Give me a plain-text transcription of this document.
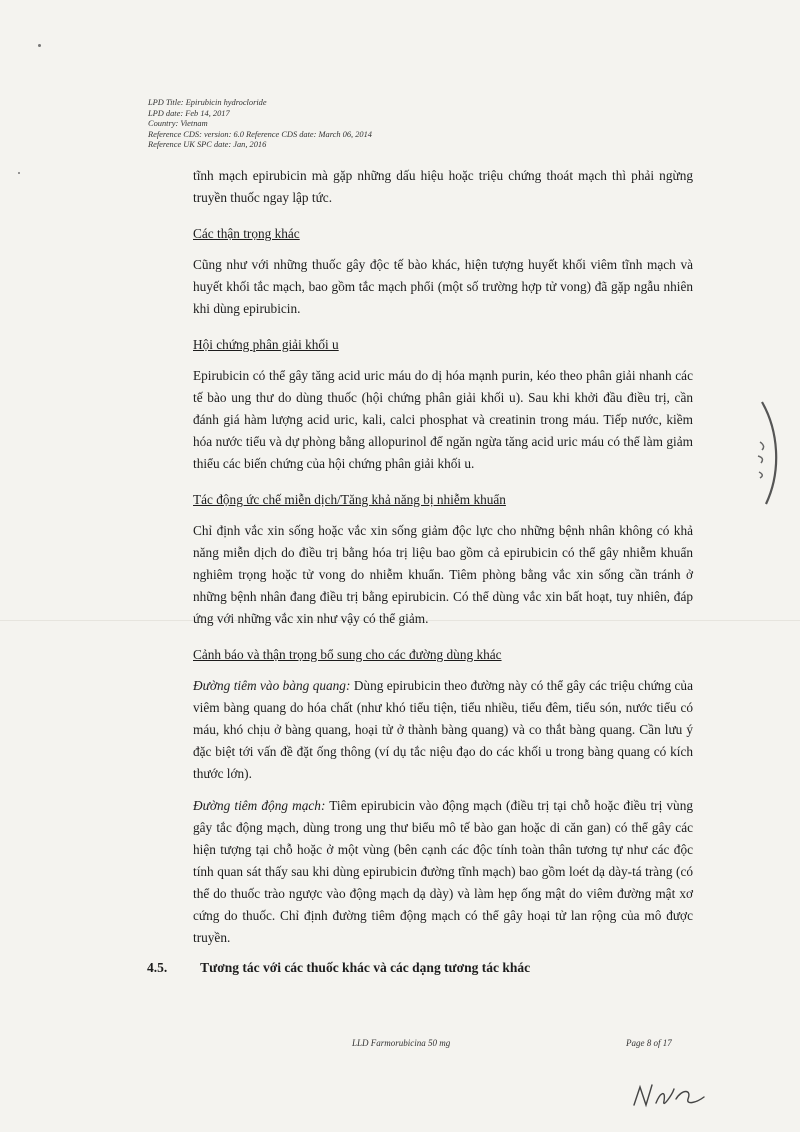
LPD Title: Epirubicin hydrocloride
LPD date: Feb 14, 2017
Country: Vietnam
Reference CDS: version: 6.0 Reference CDS date: March 06, 2014
Reference UK SPC date: Jan, 2016

tĩnh mạch epirubicin mà gặp những dấu hiệu hoặc triệu chứng thoát mạch thì phải ngừng truyền thuốc ngay lập tức.

Các thận trọng khác

Cũng như với những thuốc gây độc tế bào khác, hiện tượng huyết khối viêm tĩnh mạch và huyết khối tắc mạch, bao gồm tắc mạch phổi (một số trường hợp tử vong) đã gặp ngẫu nhiên khi dùng epirubicin.

Hội chứng phân giải khối u

Epirubicin có thể gây tăng acid uric máu do dị hóa mạnh purin, kéo theo phân giải nhanh các tế bào ung thư do dùng thuốc (hội chứng phân giải khối u). Sau khi khởi đầu điều trị, cần đánh giá hàm lượng acid uric, kali, calci phosphat và creatinin trong máu. Tiếp nước, kiềm hóa nước tiểu và dự phòng bằng allopurinol để ngăn ngừa tăng acid uric máu có thể làm giảm thiểu các biến chứng của hội chứng phân giải khối u.

Tác động ức chế miễn dịch/Tăng khả năng bị nhiễm khuẩn

Chỉ định vắc xin sống hoặc vắc xin sống giảm độc lực cho những bệnh nhân không có khả năng miễn dịch do điều trị bằng hóa trị liệu bao gồm cả epirubicin có thể gây nhiễm khuẩn nghiêm trọng hoặc tử vong do nhiễm khuẩn. Tiêm phòng bằng vắc xin sống cần tránh ở những bệnh nhân đang điều trị bằng epirubicin. Có thể dùng vắc xin bất hoạt, tuy nhiên, đáp ứng với những vắc xin như vậy có thể giảm.

Cảnh báo và thận trọng bổ sung cho các đường dùng khác

Đường tiêm vào bàng quang: Dùng epirubicin theo đường này có thể gây các triệu chứng của viêm bàng quang do hóa chất (như khó tiểu tiện, tiểu nhiều, tiểu đêm, tiểu són, nước tiểu có máu, khó chịu ở bàng quang, hoại tử ở thành bàng quang) và co thắt bàng quang. Cần lưu ý đặc biệt tới vấn đề đặt ống thông (ví dụ tắc niệu đạo do các khối u trong bàng quang có kích thước lớn).

Đường tiêm động mạch: Tiêm epirubicin vào động mạch (điều trị tại chỗ hoặc điều trị vùng gây tắc động mạch, dùng trong ung thư biểu mô tế bào gan hoặc di căn gan) có thể gây các hiện tượng tại chỗ hoặc ở một vùng (bên cạnh các độc tính toàn thân tương tự như các độc tính quan sát thấy sau khi dùng epirubicin đường tĩnh mạch) bao gồm loét dạ dày-tá tràng (có thể do thuốc trào ngược vào động mạch dạ dày) và làm hẹp ống mật do viêm đường mật xơ cứng do thuốc. Chỉ định đường tiêm động mạch có thể gây hoại tử lan rộng của mô được truyền.

4.5. Tương tác với các thuốc khác và các dạng tương tác khác
LLD Farmorubicina 50 mg	Page 8 of 17
